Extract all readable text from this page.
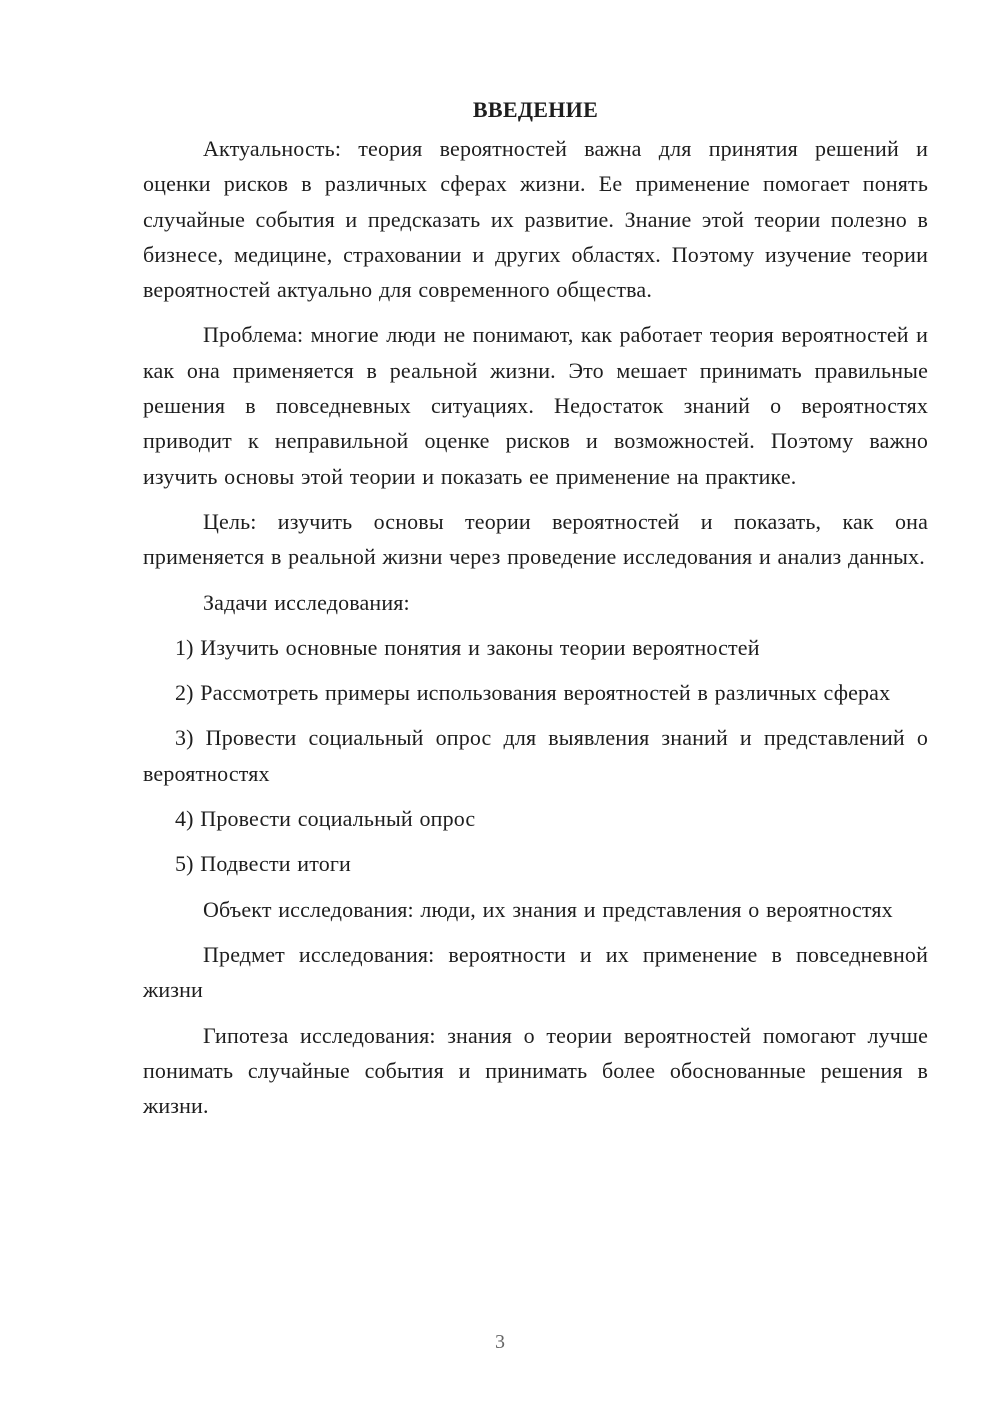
ВВЕДЕНИЕ

Актуальность: теория вероятностей важна для принятия решений и оценки рисков в различных сферах жизни. Ее применение помогает понять случайные события и предсказать их развитие. Знание этой теории полезно в бизнесе, медицине, страховании и других областях. Поэтому изучение теории вероятностей актуально для современного общества.

Проблема: многие люди не понимают, как работает теория вероятностей и как она применяется в реальной жизни. Это мешает принимать правильные решения в повседневных ситуациях. Недостаток знаний о вероятностях приводит к неправильной оценке рисков и возможностей. Поэтому важно изучить основы этой теории и показать ее применение на практике.

Цель: изучить основы теории вероятностей и показать, как она применяется в реальной жизни через проведение исследования и анализ данных.

Задачи исследования:

1) Изучить основные понятия и законы теории вероятностей

2) Рассмотреть примеры использования вероятностей в различных сферах

3) Провести социальный опрос для выявления знаний и представлений о вероятностях

4) Провести социальный опрос

5) Подвести итоги

Объект исследования: люди, их знания и представления о вероятностях

Предмет исследования: вероятности и их применение в повседневной жизни

Гипотеза исследования: знания о теории вероятностей помогают лучше понимать случайные события и принимать более обоснованные решения в жизни.

3
